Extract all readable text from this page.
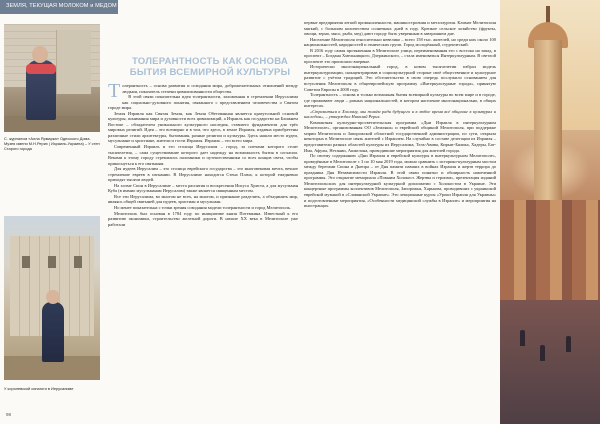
ЗЕМЛЯ, ТЕКУЩАЯ МОЛОКОМ и МЕДОМ
С. журналом «Алла Ярмарка» Одесского Дома-Музея имени М.Н.Рерих | Израиль-Украина) – У стен Старого города
У королевской синагоги в Иерусалиме
ТОЛЕРАНТНОСТЬ КАК ОСНОВА
БЫТИЯ ВСЕМИРНОЙ КУЛЬТУРЫ

Толерантность – основа развития и созидания мира, доброжелательных отношений между людьми, показатель степени цивилизованности общества.

В этой связи показательна идея толерантности, заложенная в стремлении Иерусалима как социально-духовного понятия, связанного с представлением человечества о Святом городе мира.

Земля Израиля как Святая Земля, как Земля Обетованная является краеугольной основой культуры, понимания мира и духовности всех цивилизаций, а Израиль как государство на Ближнем Востоке – обладателем уникального культурного наследия, ставшего фундаментом для трёх мировых религий. Идея – это всемирно и в том, что здесь, в земле Израиля, издавна приобретены различные стили архитектуры, бытования, разные религии и культуры. Здесь нашли место иудеи, мусульмане и христиане, жители и гости Израиля. Израиль – это всего мира.

Современный Израиль и его столица Иерусалим – город, за плечами которого стоит тысячелетия, – сама существование которого дает надежду на возможность бытия в согласии. Веками к этому городу стремились паломники и путешественники со всех концов света, чтобы прикоснуться к его святыням.

Для иудеев Иерусалим – это столица еврейского государства – это многовековая мечта, вечное стремление евреев в изгнании. В Иерусалиме находится Стена Плача, к которой ежедневно приходят тысячи людей.

На холме Сион в Иерусалиме – места распятия и воскресения Иисуса Христа, а для мусульман Куба (в иммио мусульманам Иерусалим) также является священным местом.

Все эти Иерусалима, во многом не всех, на многом, и признание разделить, а объединить мир, являясь общей святыней для иудеев, христиан и мусульман.

Но менее показательна с точки зрения созидания модели толерантности и город Мелитополь.

Мелитополь был основан в 1784 году по инициативе князя Потемкина. Известный к его развитию экономики, строительство железной дороги. В начале XX века в Мелитополе уже работали

первые предприятия легкой промышленности, машиностроения и металлургии. Климат Мелитополя мягкий, с большим количеством солнечных дней в году. Крепкое сельское хозяйство (фрукты, овощи, зерно, мясо, рыба, мед) дают городу быть уверенным в завтрашнем дне.

Население Мелитополя относительно невелико – всего 158 тыс. жителей, но среди них около 100 национальностей, народностей и этнических групп. Город молодёжный, студенческий.

В 2016 году самая протяженная в Мелитополе улица, переименованная его с востока на запад, в проспект – Богдана Хмельницкого, Дзержинского, – стала именоваться Интеркультурным. В светлой проспекте это произошло впервые.

Исторически многонациональный город, в новом тысячелетии избрал модель интеркультуризации, сконцентрировав в социокультурной стороне своё общественное и культурное развитие с учётом традиций. Это обстоятельство в свою очередь послужило основанием для вступления Мелитополя в общеевропейскую программу «Интеркультурные города», принятую Советом Европы в 2008 году.

Толерантность – основа и только возможная бытия всемирной культуры во всем мире и в городе, где проживают люди – разных национальностей, в котором население многонационально, в общих интересах.

«Стремиться к Хохлому, мы живём ради будущего и в любое время всё общение в культурах и наследии», – утверждал Николай Рерих.

Компактная культурно-просветительская программа «Дни Израиля в интеркультурном Мелитополе», организованная ОО «Земляки» и еврейской общиной Мелитополя, при поддержке мэрии Мелитополя и Запорожской областной государственной администрации, по сути, открыла некоторых в Мелитополе связь жителей с Израилем. На случайно в составе делегации из Израиля – представители разных областей культуры из Иерусалима, Тель-Авива, Кирьят-Бялика, Хадеры, Бат-Има, Афулы, Нетании, Ашкелона, проводившие мероприятия для жителей города.

По своему содержанию «Дни Израиля и еврейской культуры в интеркультурном Мелитополе», проведённые в Мелитополе с 3 по 10 мая 2019 года, можно сравнить с историко-культурным мостом между берегами Сиона и Днепра – от Дня памяти павших в войнах Израиля и жертв террора до праздника Дня Независимости Израиля. В этой связи понятно и обширность намеченной программы. Это открытие мемориала «Помним Холокост. Жертвы и героизм», презентация изданий Мелитопольских для интеркультурной культурной дипломатии с Холокостом в Украине. Эти концертные программы коллективов Мелитополя, Запорожья, Харькова, проводивших с украинской еврейской музыкой в «Славянской Украине». Это лекционные курсы «Уроки Израиля для Украины» и подготовленные мероприятия, «Особенности медицинской службы в Израиле» и мероприятия на иностранцах.

98
